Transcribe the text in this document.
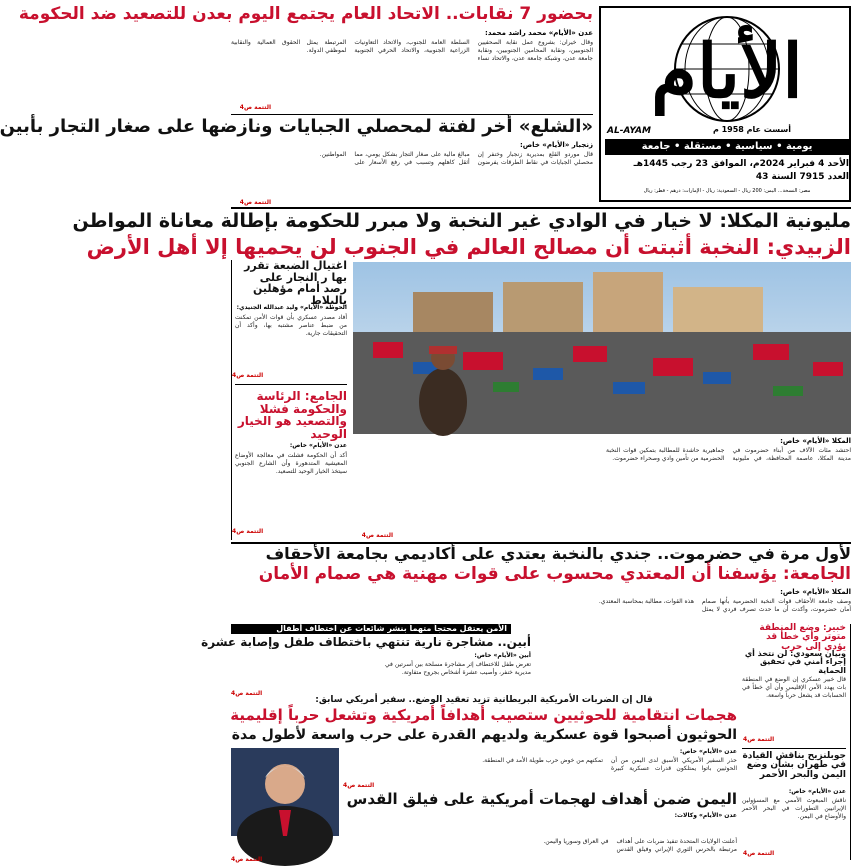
الأيام
AL-AYAM	أسست عام 1958 م
يومية • سياسية • مستقلة • جامعة
الأحد 4 فبراير 2024م، الموافق 23 رجب 1445هـ
العدد 7915 السنة 43
مصر: النسخة... اليمن: 200 ريال - السعودية: ريال - الإمارات: درهم - قطر: ريال
بحضور 7 نقابات.. الاتحاد العام يجتمع اليوم بعدن للتصعيد ضد الحكومة
عدن «الأيام» محمد راشد محمد:
وقال خيران: بشروع عمل نقابة الصحفيين الجنوبيين، ونقابة المحامين الجنوبيين، ونقابة جامعة عدن، وشبكة جامعة عدن، والاتحاد نساء السلطة العامة للجنوب، والاتحاد التعاونيات الزراعية الجنوبية، والاتحاد الحرفي الجنوبية المرتبطة يمثل الحقوق العمالية والنقابية لموظفي الدولة.
التتمة ص4
«الشلع» أخر لفتة لمحصلي الجبايات ونازضها على صغار التجار بأبين
زنجبار «الأيام» خاص:
قال موردو القلع بمديرية زنجبار وخنفر إن محصلي الجبايات في نقاط الطرقات يفرضون مبالغ مالية على صغار التجار بشكل يومي، مما أثقل كاهلهم وتسبب في رفع الأسعار على المواطنين.
التتمة ص4
مليونية المكلا: لا خيار في الوادي غير النخبة ولا مبرر للحكومة بإطالة معاناة المواطن
الزبيدي: النخبة أثبتت أن مصالح العالم في الجنوب لن يحميها إلا أهل الأرض
اغتيال الضبعة تقرر بها ر النجار على رصد أمام مؤهلين بالبلاط
الحوطة «الأيام» وليد عبدالله الجنيدي:
أفاد مصدر عسكري بأن قوات الأمن تمكنت من ضبط عناصر مشتبه بها، وأكد أن التحقيقات جارية.
التتمة ص4
الجامع: الرئاسة والحكومة فشلا والتصعيد هو الخيار الوحيد
عدن «الأيام» خاص:
أكد أن الحكومة فشلت في معالجة الأوضاع المعيشية المتدهورة وأن الشارع الجنوبي سيتخذ الخيار الوحيد للتصعيد.
التتمة ص4
المكلا «الأيام» خاص:
احتشد مئات الآلاف من أبناء حضرموت في مدينة المكلا، عاصمة المحافظة، في مليونية جماهيرية حاشدة للمطالبة بتمكين قوات النخبة الحضرمية من تأمين وادي وصحراء حضرموت.
التتمة ص4
لأول مرة في حضرموت.. جندي بالنخبة يعتدي على أكاديمي بجامعة الأحقاف
الجامعة: يؤسفنا أن المعتدي محسوب على قوات مهنية هي صمام الأمان
المكلا «الأيام» خاص:
وصف جامعة الأحقاف قوات النخبة الحضرمية بأنها صمام أمان حضرموت، وأكدت أن ما حدث تصرف فردي لا يمثل هذه القوات، مطالبة بمحاسبة المعتدي.
الأمن يعتقل محتجاً متهماً بنشر شائعات عن اختطاف أطفال
أبين.. مشاجرة نارية تنتهي باختطاف طفل وإصابة عشرة
أبين «الأيام» خاص:
تعرض طفل للاختطاف إثر مشاجرة مسلحة بين أسرتين في مديرية خنفر، وأصيب عشرة أشخاص بجروح متفاوتة.
التتمة ص4
خبير: وضع المنطقة متوتر وأي خطأ قد يؤدي إلى حرب
وبيان سعودي: لن نتخذ أي إجراء أمني في تحقيق الحماية
قال خبير عسكري إن الوضع في المنطقة بات يهدد الأمن الإقليمي وأن أي خطأ في الحسابات قد يشعل حرباً واسعة.
التتمة ص4
جوبلنزيح يناقش القيادة في طهران بشأن وضع اليمن والبحر الأحمر
عدن «الأيام» خاص:
ناقش المبعوث الأممي مع المسؤولين الإيرانيين التطورات في البحر الأحمر والأوضاع في اليمن.
التتمة ص4
قال إن الضربات الأمريكية البريطانية تزيد تعقيد الوضع.. سفير أمريكي سابق:
هجمات انتقامية للحوثيين ستصيب أهدافاً أمريكية وتشعل حرباً إقليمية
الحوثيون أصبحوا قوة عسكرية ولديهم القدرة على حرب واسعة لأطول مدة
عدن «الأيام» خاص:
حذر السفير الأمريكي الأسبق لدى اليمن من أن الحوثيين باتوا يمتلكون قدرات عسكرية كبيرة تمكنهم من خوض حرب طويلة الأمد في المنطقة.
التتمة ص4
اليمن ضمن أهداف لهجمات أمريكية على فيلق القدس
عدن «الأيام» وكالات:
أعلنت الولايات المتحدة تنفيذ ضربات على أهداف مرتبطة بالحرس الثوري الإيراني وفيلق القدس في العراق وسوريا واليمن.
التتمة ص4
